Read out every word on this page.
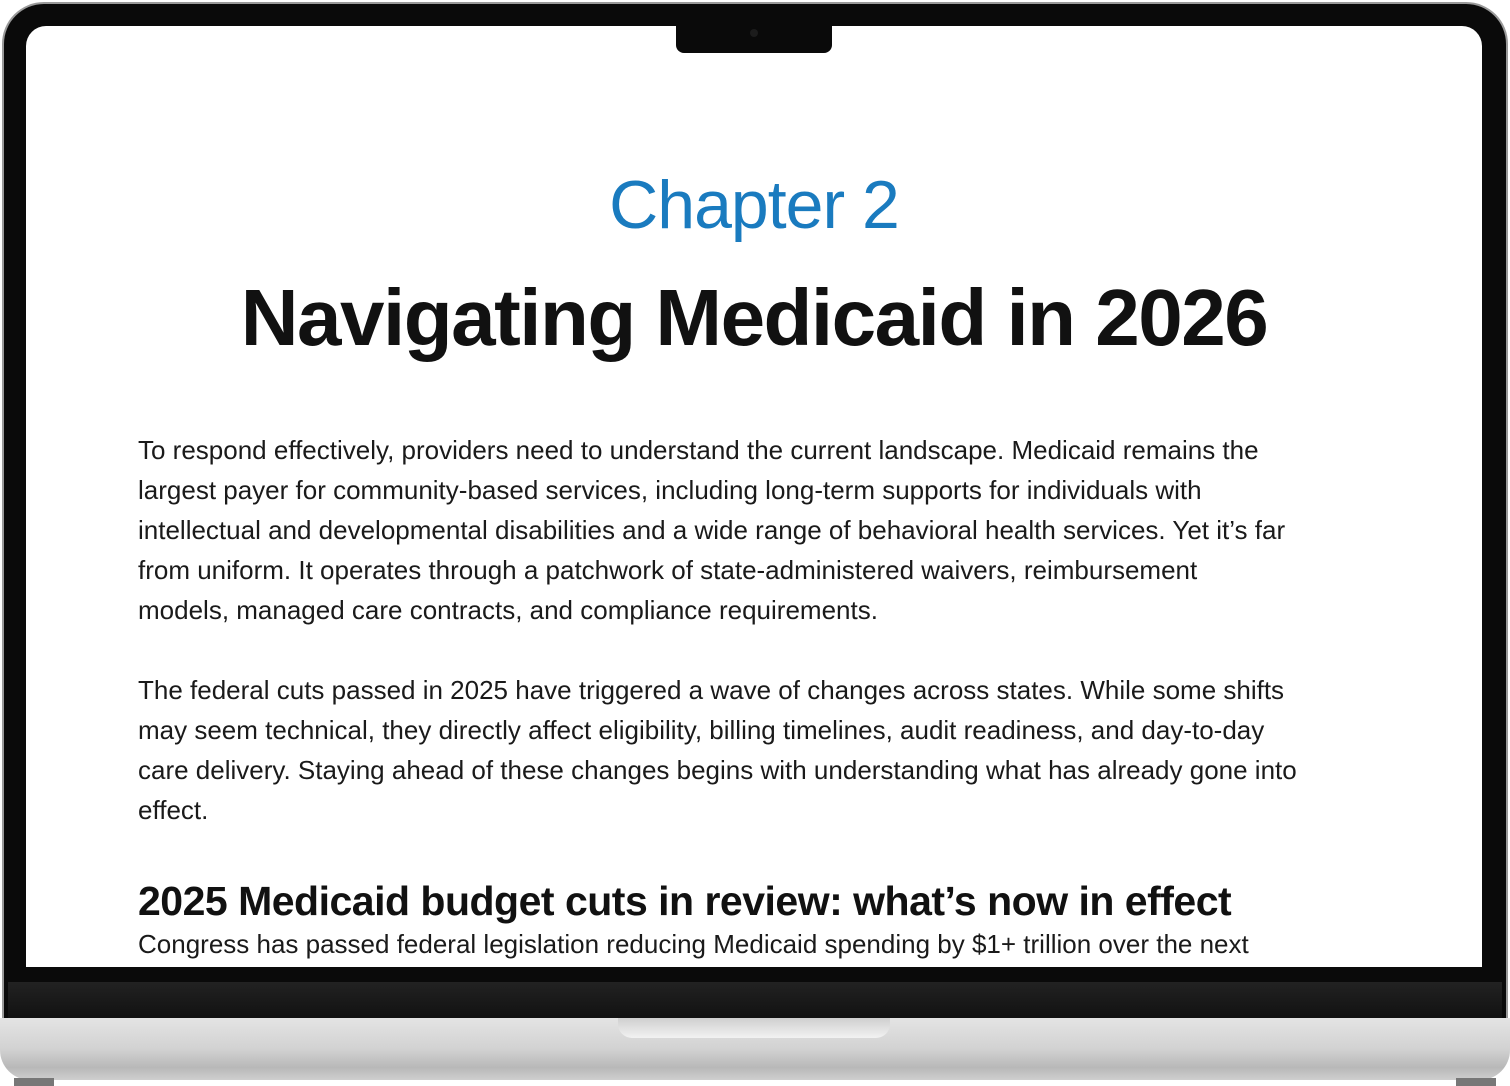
Chapter 2
Navigating Medicaid in 2026
To respond effectively, providers need to understand the current landscape. Medicaid remains the
largest payer for community-based services, including long-term supports for individuals with
intellectual and developmental disabilities and a wide range of behavioral health services. Yet it’s far
from uniform. It operates through a patchwork of state-administered waivers, reimbursement
models, managed care contracts, and compliance requirements.
The federal cuts passed in 2025 have triggered a wave of changes across states. While some shifts
may seem technical, they directly affect eligibility, billing timelines, audit readiness, and day-to-day
care delivery. Staying ahead of these changes begins with understanding what has already gone into
effect.
2025 Medicaid budget cuts in review: what’s now in effect
Congress has passed federal legislation reducing Medicaid spending by $1+ trillion over the next
